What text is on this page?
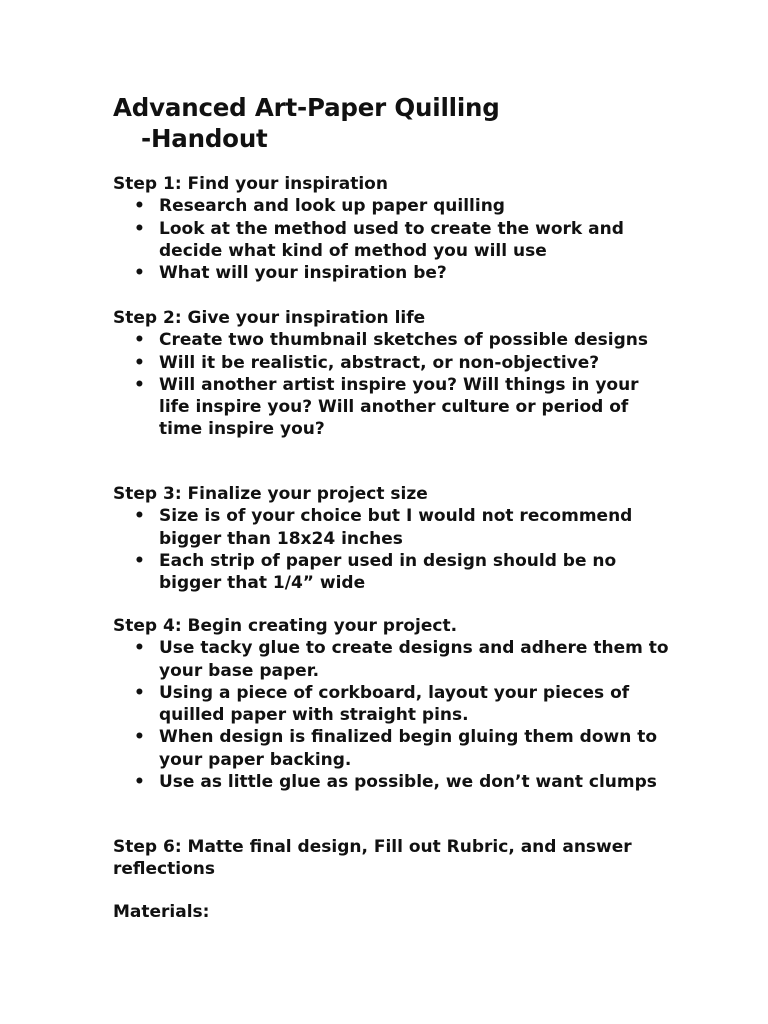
Advanced Art-Paper Quilling
-Handout

Step 1: Find your inspiration

• Research and look up paper quilling
• Look at the method used to create the work and decide what kind of method you will use
• What will your inspiration be?

Step 2: Give your inspiration life

• Create two thumbnail sketches of possible designs
• Will it be realistic, abstract, or non-objective?
• Will another artist inspire you? Will things in your life inspire you? Will another culture or period of time inspire you?

Step 3: Finalize your project size

• Size is of your choice but I would not recommend bigger than 18x24 inches
• Each strip of paper used in design should be no bigger that 1/4” wide

Step 4: Begin creating your project.

• Use tacky glue to create designs and adhere them to your base paper.
• Using a piece of corkboard, layout your pieces of quilled paper with straight pins.
• When design is finalized begin gluing them down to your paper backing.
• Use as little glue as possible, we don’t want clumps

Step 6: Matte final design, Fill out Rubric, and answer reflections

Materials:
